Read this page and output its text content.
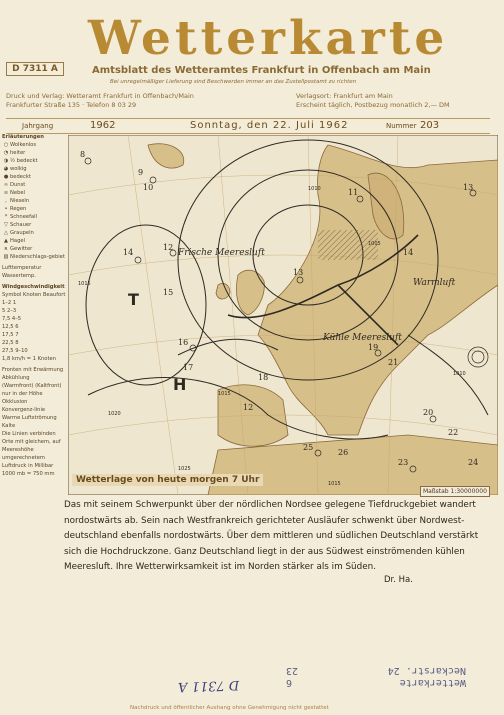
Wetterkarte
D 7311 A	Amtsblatt des Wetteramtes Frankfurt in Offenbach am Main
Bei unregelmäßiger Lieferung sind Beschwerden immer an das Zustellpostamt zu richten
Druck und Verlag: Wetteramt Frankfurt in Offenbach/Main
Frankfurter Straße 135 · Telefon 8 03 29
Verlagsort: Frankfurt am Main
Erscheint täglich, Postbezug monatlich 2,— DM
Jahrgang	1962	Sonntag, den 22. Juli 1962	Nummer 203
Erläuterungen
○ Wolkenlos
◔ heiter
◑ ½ bedeckt
◕ wolkig
● bedeckt
∞ Dunst
≡ Nebel
, Nieseln
• Regen
* Schneefall
▽ Schauer
△ Graupeln
▲ Hagel
ʀ Gewitter
▨ Niederschlags-gebiet
Lufttemperatur
Wassertemp.
Windgeschwindigkeit
Symbol Knoten Beaufort
1–2 1
5 2–3
7,5 4–5
12,5 6
17,5 7
22,5 8
27,5 9–10
1,8 km/h = 1 Knoten
Fronten mit Erwärmung Abkühlung
(Warmfront) (Kaltfront)
nur in der Höhe
Okklusion
Konvergenz-linie
Warme Luftströmung
Kalte
Die Linien verbinden Orte mit gleichem, auf Meereshöhe umgerechnetem Luftdruck in Millibar
1000 mb = 750 mm
T
H
Frische Meeresluft
Warmluft
Kühle Meeresluft
1015
1010
1015
1005
1020
1025
1015
1010
8
9
10
12
14
15
16
17
18
13
11
19
21
23
25
26
24
20
22
12
14
13
Wetterlage von heute morgen 7 Uhr
Maßstab 1:30000000
Das mit seinem Schwerpunkt über der nördlichen Nordsee gelegene Tiefdruckgebiet wandert nordostwärts ab. Sein nach Westfrankreich gerichteter Ausläufer schwenkt über Nordwest-deutschland ebenfalls nordostwärts. Über dem mittleren und südlichen Deutschland verstärkt sich die Hochdruckzone. Ganz Deutschland liegt in der aus Südwest einströmenden kühlen Meeresluft. Ihre Wetterwirksamkeit ist im Norden stärker als im Süden.
Dr. Ha.
Wetterkarte
6
Neckarstr. 24
23
D 7311 A
Nachdruck und öffentlicher Aushang ohne Genehmigung nicht gestattet
